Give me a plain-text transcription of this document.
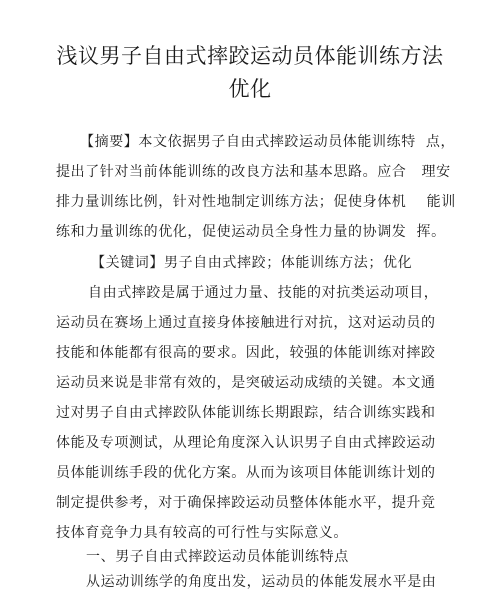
浅议男子自由式摔跤运动员体能训练方法
优化
【摘要】本文依据男子自由式摔跤运动员体能训练特  点，
提出了针对当前体能训练的改良方法和基本思路。应合   理安
排力量训练比例，针对性地制定训练方法；促使身体机    能训
练和力量训练的优化，促使运动员全身性力量的协调发  挥。
【关键词】男子自由式摔跤；体能训练方法；优化
自由式摔跤是属于通过力量、技能的对抗类运动项目，
运动员在赛场上通过直接身体接触进行对抗，这对运动员的
技能和体能都有很高的要求。因此，较强的体能训练对摔跤
运动员来说是非常有效的，是突破运动成绩的关键。本文通
过对男子自由式摔跤队体能训练长期跟踪，结合训练实践和
体能及专项测试，从理论角度深入认识男子自由式摔跤运动
员体能训练手段的优化方案。从而为该项目体能训练计划的
制定提供参考，对于确保摔跤运动员整体体能水平，提升竞
技体育竞争力具有较高的可行性与实际意义。
一、男子自由式摔跤运动员体能训练特点
从运动训练学的角度出发，运动员的体能发展水平是由
